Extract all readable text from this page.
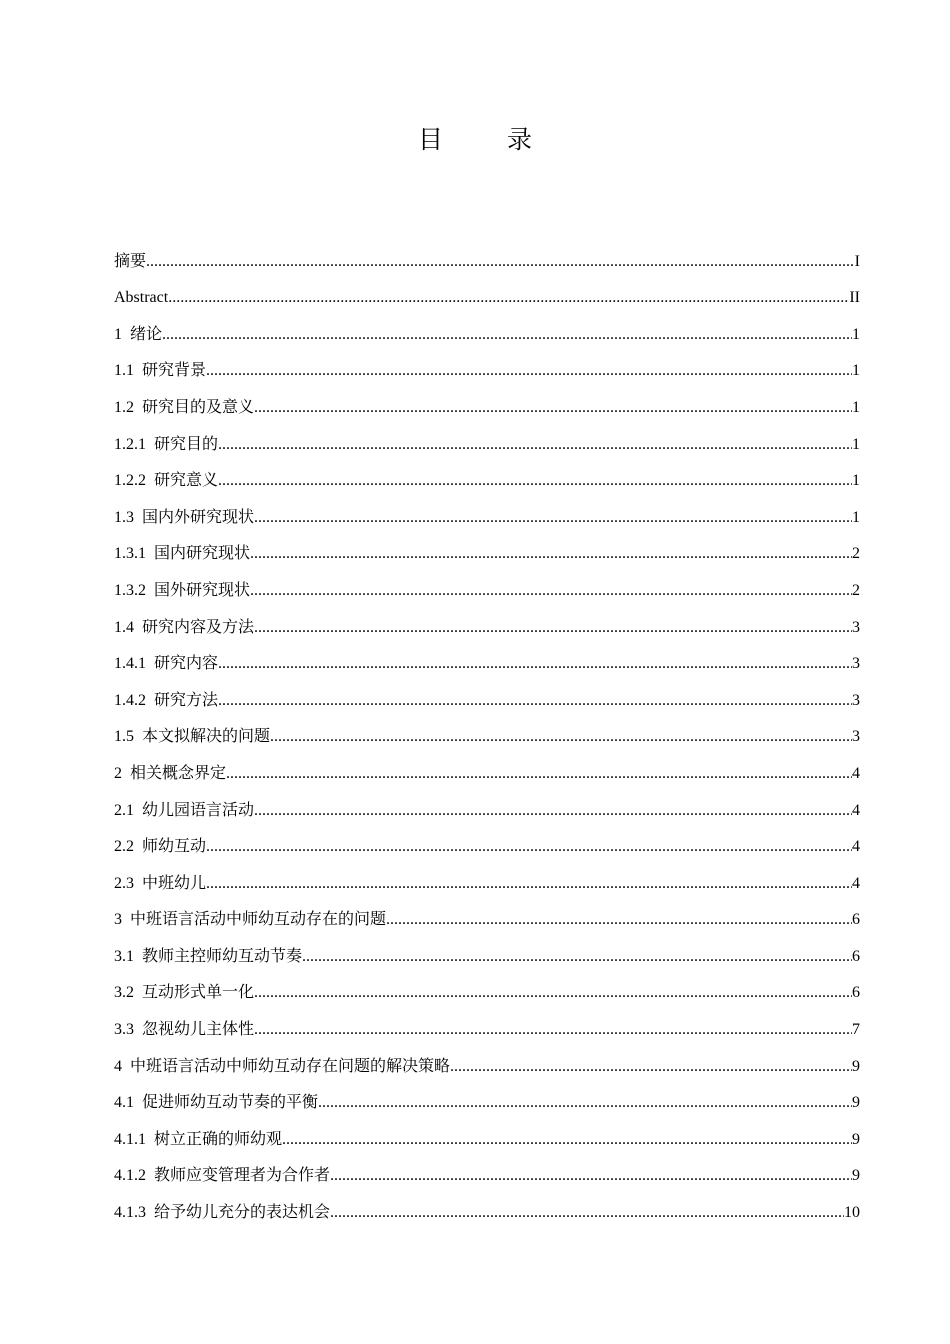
目 录
摘要 .....	I
Abstract .....	II
1 绪论 .....	1
1.1 研究背景 .....	1
1.2 研究目的及意义 .....	1
1.2.1 研究目的 .....	1
1.2.2 研究意义 .....	1
1.3 国内外研究现状 .....	1
1.3.1 国内研究现状 .....	2
1.3.2 国外研究现状 .....	2
1.4 研究内容及方法 .....	3
1.4.1 研究内容 .....	3
1.4.2 研究方法 .....	3
1.5 本文拟解决的问题 .....	3
2 相关概念界定 .....	4
2.1 幼儿园语言活动 .....	4
2.2 师幼互动 .....	4
2.3 中班幼儿 .....	4
3 中班语言活动中师幼互动存在的问题 .....	6
3.1 教师主控师幼互动节奏 .....	6
3.2 互动形式单一化 .....	6
3.3 忽视幼儿主体性 .....	7
4 中班语言活动中师幼互动存在问题的解决策略 .....	9
4.1 促进师幼互动节奏的平衡 .....	9
4.1.1 树立正确的师幼观 .....	9
4.1.2 教师应变管理者为合作者 .....	9
4.1.3 给予幼儿充分的表达机会 .....	10
